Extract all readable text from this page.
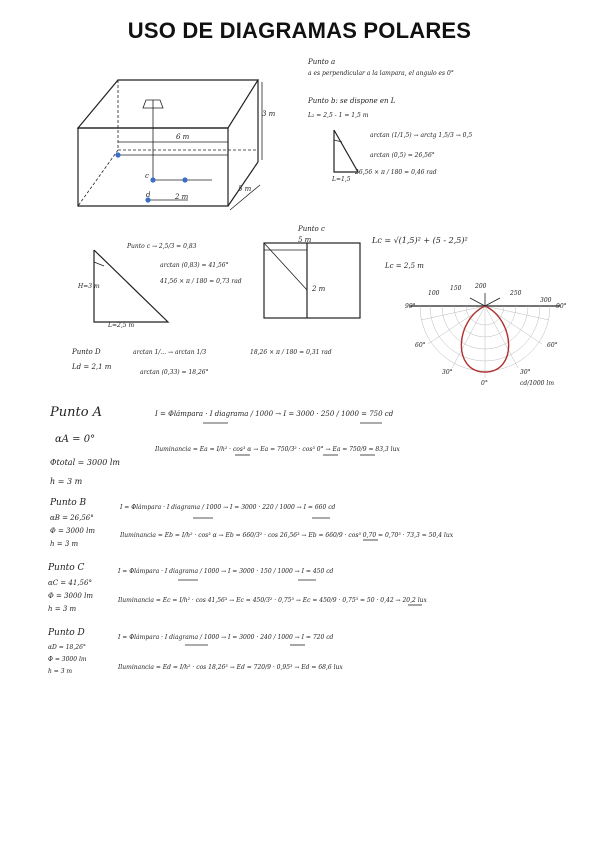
USO DE DIAGRAMAS POLARES
3 m
6 m
2 m
5 m
c
d
Punto a
a es perpendicular a la lampara, el angulo es 0°
Punto b: se dispone en L
L₂ = 2,5 - 1 = 1,5 m
arctan (1/1,5) → arctg 1,5/3 → 0,5
arctan (0,5) = 26,56°
26,56 × π / 180 = 0,46 rad
L=1,5
Punto c
5 m
2 m
Lc = √(1,5)² + (5 - 2,5)²
Lc = 2,5 m
Punto c → 2,5/3 = 0,83
arctan (0,83) = 41,56°
41,56 × π / 180 = 0,73 rad
H=3 m
L=2,5 m
cd/1000 lm
90°
60°
30°
0°
30°
60°
90°
100
150 200
250
300
Punto D
Ld = 2,1 m
arctan 1/... → arctan 1/3	18,26 × π / 180 = 0,31 rad
arctan (0,33) = 18,26°
Punto A
αA = 0°
Φtotal = 3000 lm
h = 3 m
I = Φlámpara · I diagrama / 1000 → I = 3000 · 250 / 1000 = 750 cd
Iluminancia = Ea = I/h² · cos³ α → Ea = 750/3² · cos³ 0° → Ea = 750/9 = 83,3 lux
Punto B
αB = 26,56°
Φ = 3000 lm
h = 3 m
I = Φlámpara · I diagrama / 1000 → I = 3000 · 220 / 1000 → I = 660 cd
Iluminancia = Eb = I/h² · cos³ α → Eb = 660/3² · cos 26,56³ → Eb = 660/9 · cos³ 0,70 = 0,70³ · 73,3 = 50,4 lux
Punto C
αC = 41,56°
Φ = 3000 lm
h = 3 m
I = Φlámpara · I diagrama / 1000 → I = 3000 · 150 / 1000 → I = 450 cd
Iluminancia = Ec = I/h² · cos 41,56³ → Ec = 450/3² · 0,75³ → Ec = 450/9 · 0,75³ = 50 · 0,42 → 20,2 lux
Punto D
αD = 18,26°
Φ = 3000 lm
h = 3 m
I = Φlámpara · I diagrama / 1000 → I = 3000 · 240 / 1000 → I = 720 cd
Iluminancia = Ed = I/h² · cos 18,26³ → Ed = 720/9 · 0,95³ → Ed = 68,6 lux
